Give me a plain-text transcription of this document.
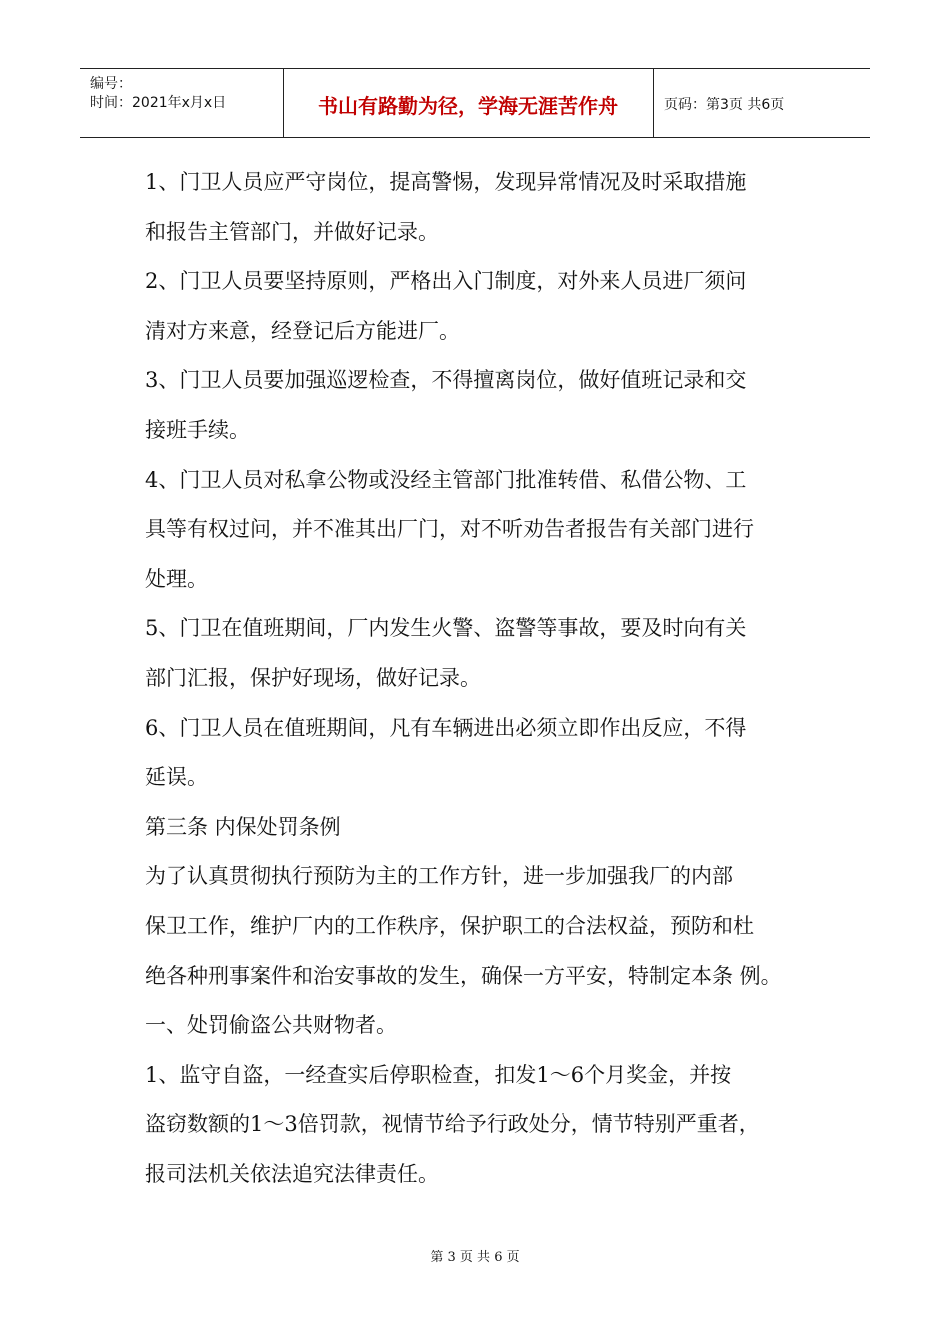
编号：
时间：2021年x月x日	书山有路勤为径，学海无涯苦作舟	页码：第3页 共6页
1、门卫人员应严守岗位，提高警惕，发现异常情况及时采取措施
和报告主管部门，并做好记录。
2、门卫人员要坚持原则，严格出入门制度，对外来人员进厂须问
清对方来意，经登记后方能进厂。
3、门卫人员要加强巡逻检查，不得擅离岗位，做好值班记录和交
接班手续。
4、门卫人员对私拿公物或没经主管部门批准转借、私借公物、工
具等有权过问，并不准其出厂门，对不听劝告者报告有关部门进行
处理。
5、门卫在值班期间，厂内发生火警、盗警等事故，要及时向有关
部门汇报，保护好现场，做好记录。
6、门卫人员在值班期间，凡有车辆进出必须立即作出反应，不得
延误。
第三条 内保处罚条例
为了认真贯彻执行预防为主的工作方针，进一步加强我厂的内部
保卫工作，维护厂内的工作秩序，保护职工的合法权益，预防和杜
绝各种刑事案件和治安事故的发生，确保一方平安，特制定本条 例。
一、处罚偷盗公共财物者。
1、监守自盗，一经查实后停职检查，扣发1～6个月奖金，并按
盗窃数额的1～3倍罚款，视情节给予行政处分，情节特别严重者，
报司法机关依法追究法律责任。
第 3 页 共 6 页
